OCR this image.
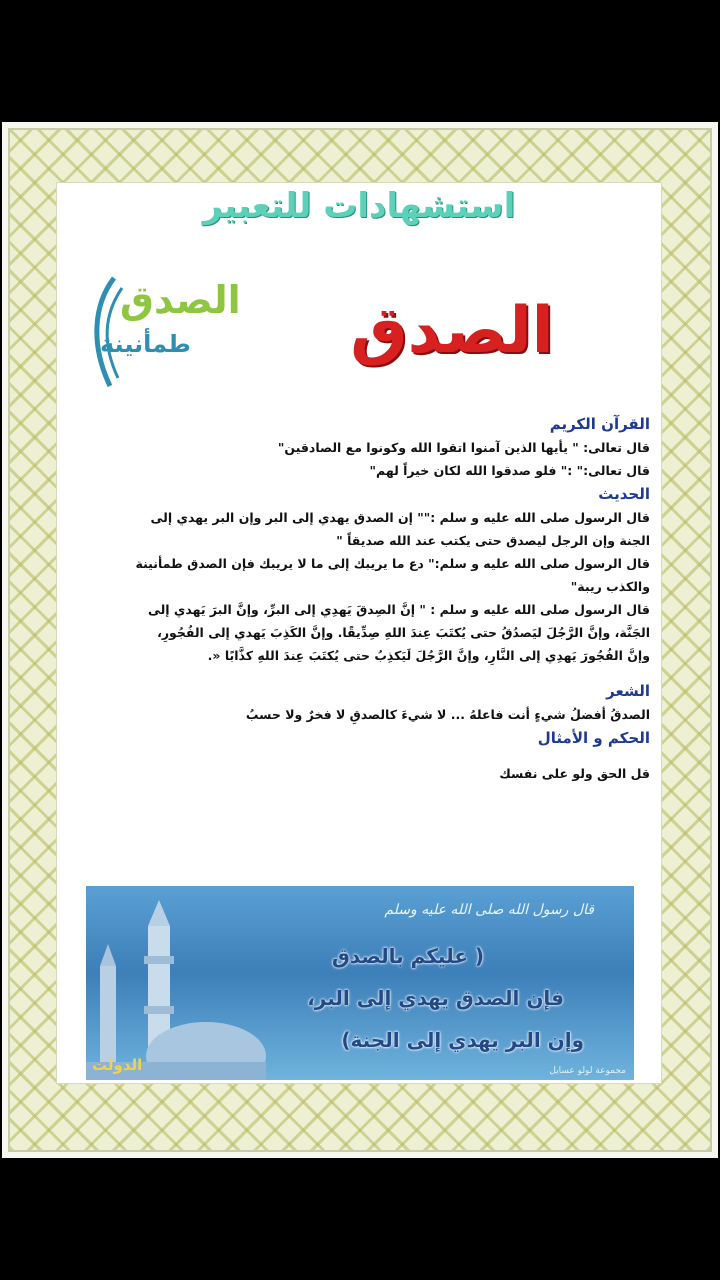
استشهادات للتعبير
الصدق
طمأنينة	الصدق

القرآن الكريم

قال تعالى: " يأيها الذين آمنوا اتقوا الله وكونوا مع الصادقين"

قال تعالى:" :" فلو صدقوا الله لكان خيراً لهم"

الحديث

قال الرسول صلى الله عليه و سلم :"" إن الصدق يهدي إلى البر وإن البر يهدي إلى

الجنة وإن الرجل ليصدق حتى يكتب عند الله صديقاً "

قال الرسول صلى الله عليه و سلم:" دع ما يريبك إلى ما لا يريبك فإن الصدق طمأنينة

والكذب ريبة"

قال الرسول صلى الله عليه و سلم : " إنَّ الصِدقَ يَهدِي إلى البرِّ، وإنَّ البرَ يَهدي إلى

الجَنَّة، وإنَّ الرَّجُلَ ليَصدُقُ حتى يُكتَبَ عِندَ اللهِ صِدِّيقًا. وإنَّ الكَذِبَ يَهدي إلى الفُجُورِ،

وإنَّ الفُجُورَ يَهدِي إلى النَّارِ، وإنَّ الرَّجُلَ لَيَكذِبُ حتى يُكتَبَ عِندَ اللهِ كذَّابًا «.

الشعر

الصدقُ أفضلُ شيءٍ أنت فاعلهُ ... لا شيءَ كالصدقِ لا فخرٌ ولا حسبُ

الحكم و الأمثال

قل الحق ولو على نفسك

قال رسول الله صلى الله عليه وسلم
( عليكم بالصدق
فإن الصدق يهدي إلى البر،
وإن البر يهدي إلى الجنة)
الدولت	مجموعة لولو عسايل
